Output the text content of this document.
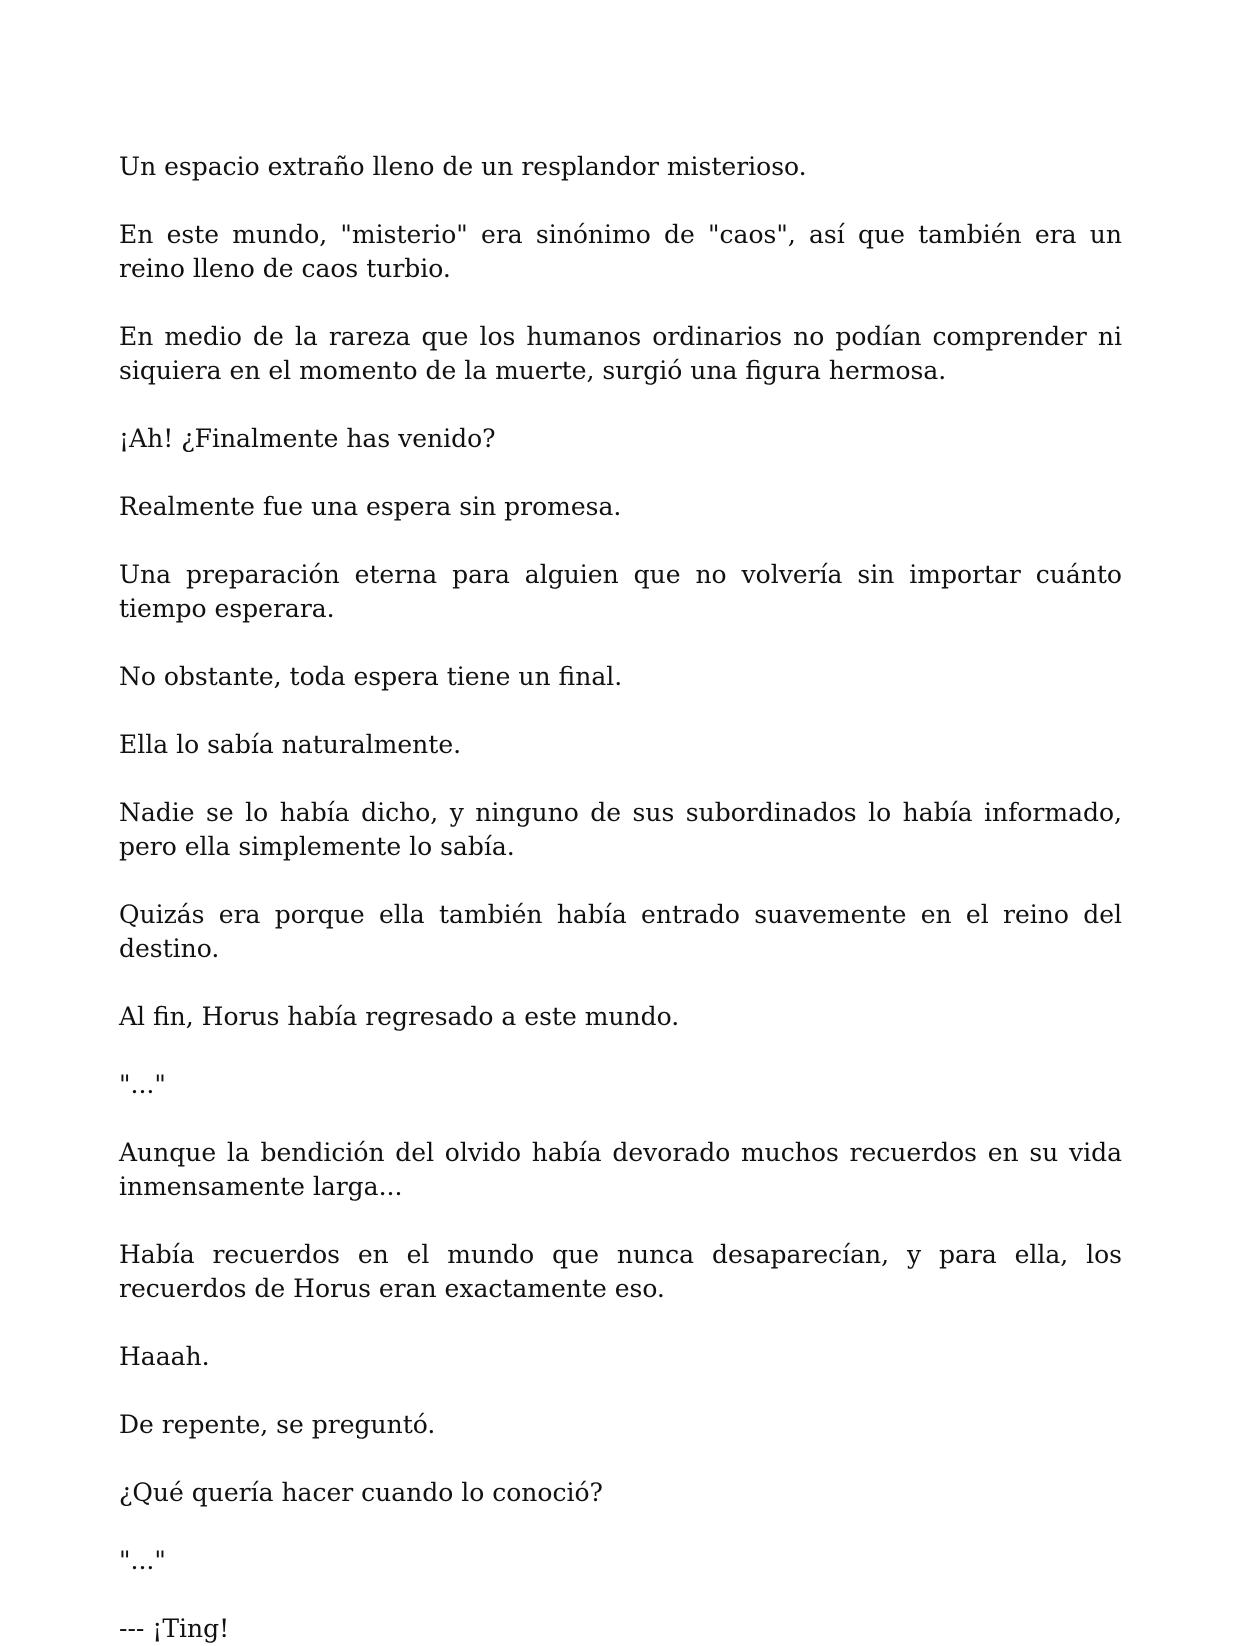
Un espacio extraño lleno de un resplandor misterioso.

En este mundo, "misterio" era sinónimo de "caos", así que también era un reino lleno de caos turbio.

En medio de la rareza que los humanos ordinarios no podían comprender ni siquiera en el momento de la muerte, surgió una figura hermosa.

¡Ah! ¿Finalmente has venido?

Realmente fue una espera sin promesa.

Una preparación eterna para alguien que no volvería sin importar cuánto tiempo esperara.

No obstante, toda espera tiene un final.

Ella lo sabía naturalmente.

Nadie se lo había dicho, y ninguno de sus subordinados lo había informado, pero ella simplemente lo sabía.

Quizás era porque ella también había entrado suavemente en el reino del destino.

Al fin, Horus había regresado a este mundo.

"..."

Aunque la bendición del olvido había devorado muchos recuerdos en su vida inmensamente larga...

Había recuerdos en el mundo que nunca desaparecían, y para ella, los recuerdos de Horus eran exactamente eso.

Haaah.

De repente, se preguntó.

¿Qué quería hacer cuando lo conoció?

"..."

--- ¡Ting!
